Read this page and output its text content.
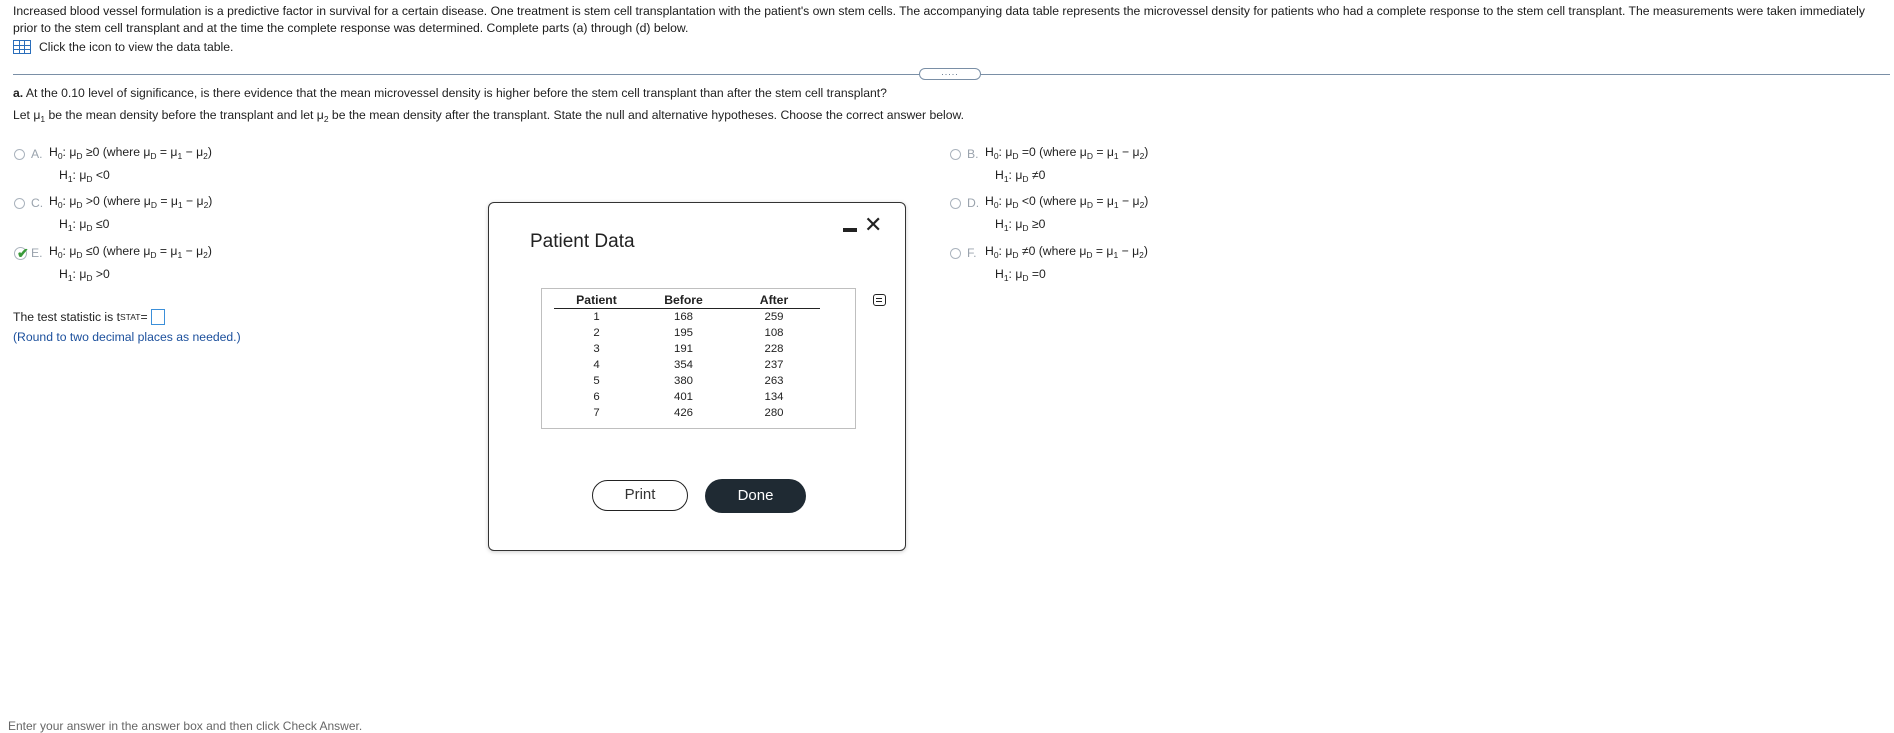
Increased blood vessel formulation is a predictive factor in survival for a certain disease. One treatment is stem cell transplantation with the patient's own stem cells. The accompanying data table represents the microvessel density for patients who had a complete response to the stem cell transplant. The measurements were taken immediately prior to the stem cell transplant and at the time the complete response was determined. Complete parts (a) through (d) below.
Click the icon to view the data table.
.....
a. At the 0.10 level of significance, is there evidence that the mean microvessel density is higher before the stem cell transplant than after the stem cell transplant?
Let $\mu_1$ be the mean density before the transplant and let $\mu_2$ be the mean density after the transplant. State the null and alternative hypotheses. Choose the correct answer below.
A. $H_0$: $\mu_D \ge 0$ (where $\mu_D = \mu_1 - \mu_2$)
$H_1$: $\mu_D <0$
C. $H_0$: $\mu_D >0$ (where $\mu_D = \mu_1 - \mu_2$)
$H_1$: $\mu_D \le 0$
✔ E. $H_0$: $\mu_D \le 0$ (where $\mu_D = \mu_1 - \mu_2$)
$H_1$: $\mu_D >0$
B. $H_0$: $\mu_D =0$ (where $\mu_D = \mu_1 - \mu_2$)
$H_1$: $\mu_D \ne 0$
D. $H_0$: $\mu_D <0$ (where $\mu_D = \mu_1 - \mu_2$)
$H_1$: $\mu_D \ge 0$
F. $H_0$: $\mu_D \ne 0$ (where $\mu_D = \mu_1 - \mu_2$)
$H_1$: $\mu_D =0$
The test statistic is t STAT =
(Round to two decimal places as needed.)
Enter your answer in the answer box and then click Check Answer.
Patient Data
✕
Patient	Before	After
1	168	259
2	195	108
3	191	228
4	354	237
5	380	263
6	401	134
7	426	280
Print	Done
